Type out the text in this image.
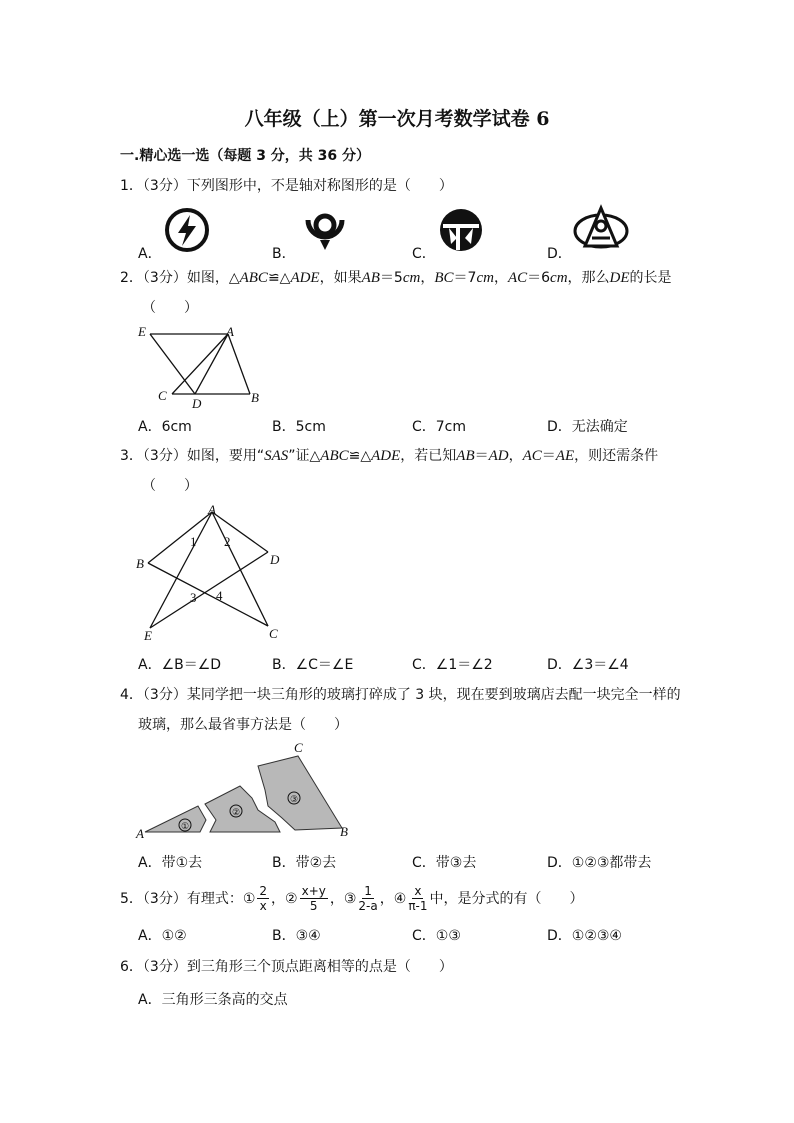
八年级（上）第一次月考数学试卷 6
一.精心选一选（每题 3 分，共 36 分）
1．（3分）下列图形中，不是轴对称图形的是（　　）
A．	B．	C．	D．
2．（3分）如图，△ABC≌△ADE，如果AB＝5cm，BC＝7cm，AC＝6cm，那么DE的长是
（　　）
E	A
C
D	B
A．6cm	B．5cm	C．7cm	D．无法确定
3．（3分）如图，要用“SAS”证△ABC≌△ADE，若已知AB＝AD，AC＝AE，则还需条件
（　　）
A
1 2
B	D
3 4
E	C
A．∠B＝∠D	B．∠C＝∠E	C．∠1＝∠2	D．∠3＝∠4
4．（3分）某同学把一块三角形的玻璃打碎成了 3 块，现在要到玻璃店去配一块完全一样的
玻璃，那么最省事方法是（　　）
①
②
③
C
A	B
A．带①去	B．带②去	C．带③去	D．①②③都带去
5．（3分）有理式： ① $\frac{2}{x}$ ， ② $\frac{x+y}{5}$ ， ③ $\frac{1}{2-a}$ ， ④ $\frac{x}{\pi-1}$ 中，是分式的有（　　）
A．①②	B．③④	C．①③	D．①②③④
6．（3分）到三角形三个顶点距离相等的点是（　　）
A．三角形三条高的交点
